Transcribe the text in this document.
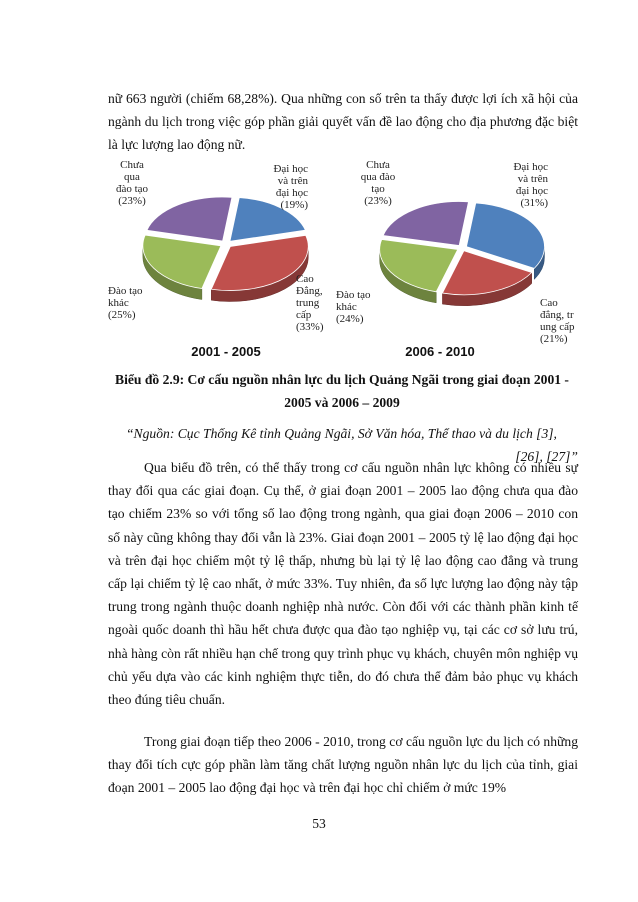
nữ 663 người (chiếm 68,28%). Qua những con số trên ta thấy được lợi ích xã hội của ngành du lịch trong việc góp phần giải quyết vấn đề lao động cho địa phương đặc biệt là lực lượng lao động nữ.

Đại học và trên đại học (19%)
Cao Đẳng, trung cấp (33%)
Đào tạo khác (25%)
Chưa qua đào tạo (23%)
2001 - 2005
Đại học và trên đại học (31%)
Cao đẳng, tr ung cấp (21%)
Đào tạo khác (24%)
Chưa qua đào tạo (23%)
2006 - 2010

Biểu đồ 2.9: Cơ cấu nguồn nhân lực du lịch Quảng Ngãi trong giai đoạn 2001 -

2005 và 2006 – 2009

“Nguồn: Cục Thống Kê tỉnh Quảng Ngãi, Sở Văn hóa, Thể thao và du lịch [3],

[26], [27]”

Qua biểu đồ trên, có thể thấy trong cơ cấu nguồn nhân lực không có nhiều sự thay đổi qua các giai đoạn. Cụ thể, ở giai đoạn 2001 – 2005 lao động chưa qua đào tạo chiếm 23% so với tổng số lao động trong ngành, qua giai đoạn 2006 – 2010 con số này cũng không thay đổi vẫn là 23%. Giai đoạn 2001 – 2005 tỷ lệ lao động đại học và trên đại học chiếm một tỷ lệ thấp, nhưng bù lại tỷ lệ lao động cao đẳng và trung cấp lại chiếm tỷ lệ cao nhất, ở mức 33%. Tuy nhiên, đa số lực lượng lao động này tập trung trong ngành thuộc doanh nghiệp nhà nước. Còn đối với các thành phần kinh tế ngoài quốc doanh thì hầu hết chưa được qua đào tạo nghiệp vụ, tại các cơ sở lưu trú, nhà hàng còn rất nhiều hạn chế trong quy trình phục vụ khách, chuyên môn nghiệp vụ chủ yếu dựa vào các kinh nghiệm thực tiễn, do đó chưa thể đảm bảo phục vụ khách theo đúng tiêu chuẩn.

Trong giai đoạn tiếp theo 2006 - 2010, trong cơ cấu nguồn lực du lịch có những thay đổi tích cực góp phần làm tăng chất lượng nguồn nhân lực du lịch của tỉnh, giai đoạn 2001 – 2005 lao động đại học và trên đại học chỉ chiếm ở mức 19%

53
